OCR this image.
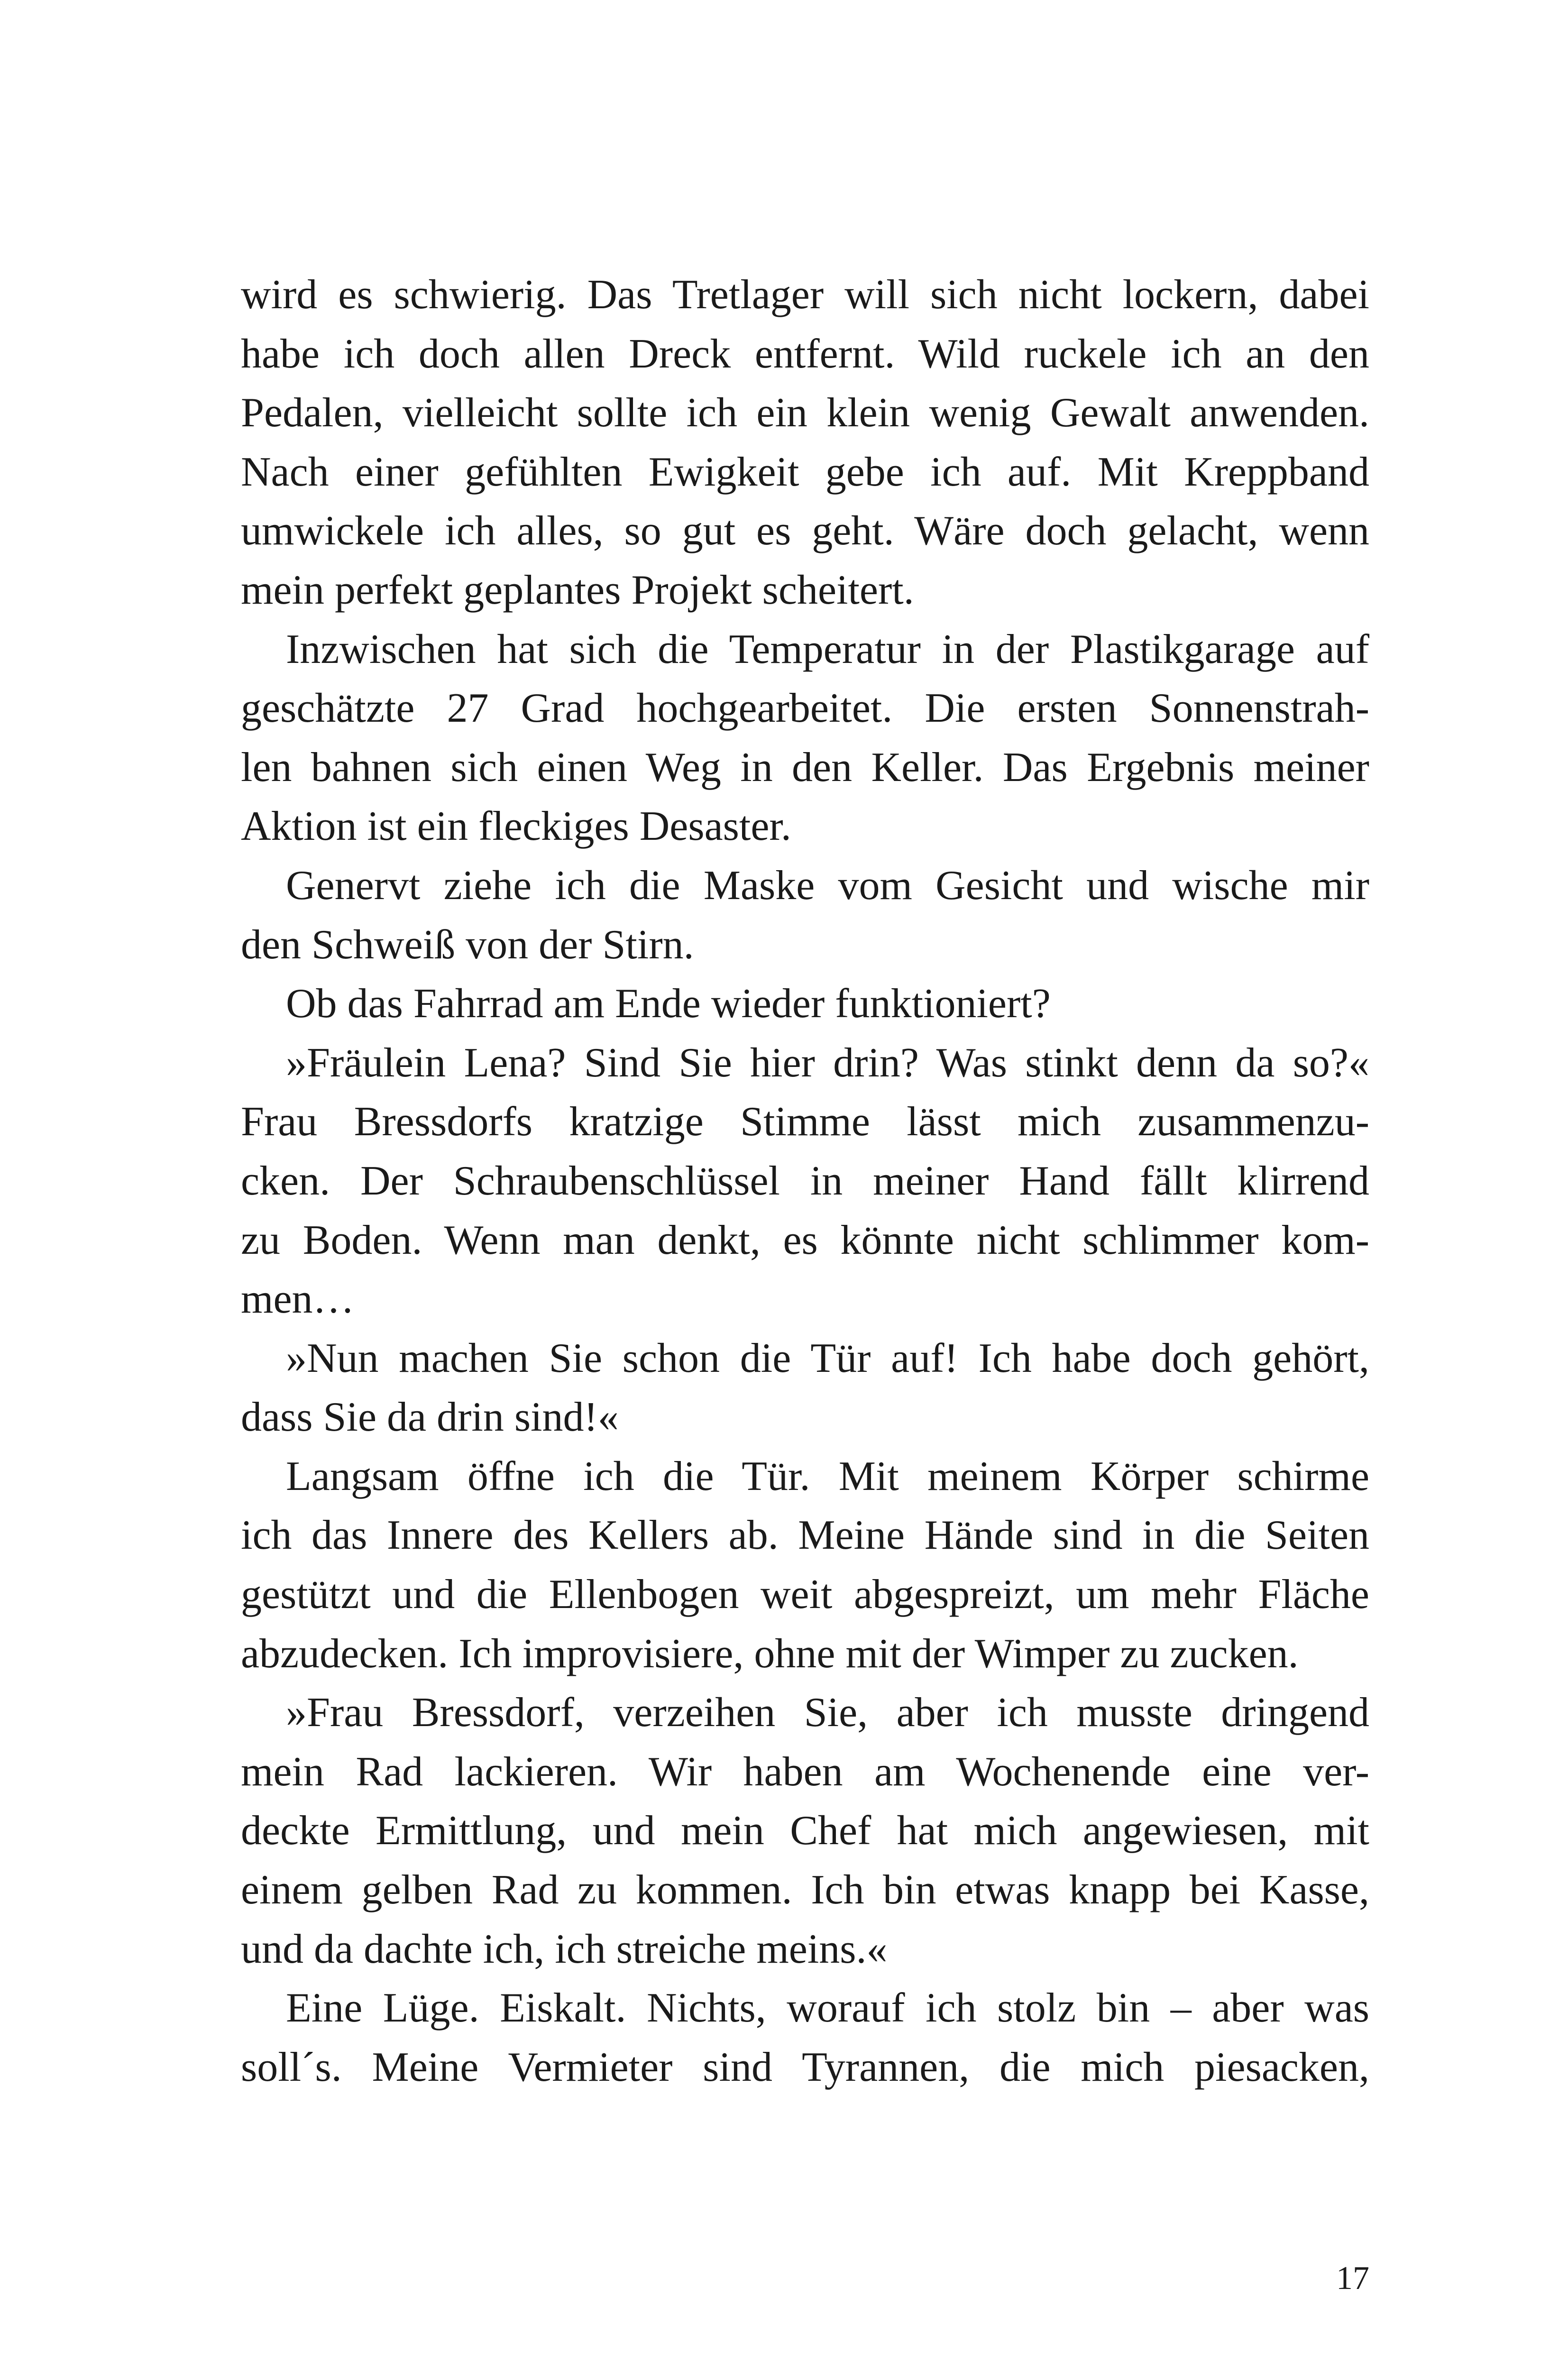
wird es schwierig. Das Tretlager will sich nicht lockern, dabei
habe ich doch allen Dreck entfernt. Wild ruckele ich an den
Pedalen, vielleicht sollte ich ein klein wenig Gewalt anwenden.
Nach einer gefühlten Ewigkeit gebe ich auf. Mit Kreppband
umwickele ich alles, so gut es geht. Wäre doch gelacht, wenn
mein perfekt geplantes Projekt scheitert.
Inzwischen hat sich die Temperatur in der Plastikgarage auf
geschätzte 27 Grad hochgearbeitet. Die ersten Sonnenstrah-
len bahnen sich einen Weg in den Keller. Das Ergebnis meiner
Aktion ist ein fleckiges Desaster.
Genervt ziehe ich die Maske vom Gesicht und wische mir
den Schweiß von der Stirn.
Ob das Fahrrad am Ende wieder funktioniert?
»Fräulein Lena? Sind Sie hier drin? Was stinkt denn da so?«
Frau Bressdorfs kratzige Stimme lässt mich zusammenzu-
cken. Der Schraubenschlüssel in meiner Hand fällt klirrend
zu Boden. Wenn man denkt, es könnte nicht schlimmer kom-
men…
»Nun machen Sie schon die Tür auf! Ich habe doch gehört,
dass Sie da drin sind!«
Langsam öffne ich die Tür. Mit meinem Körper schirme
ich das Innere des Kellers ab. Meine Hände sind in die Seiten
gestützt und die Ellenbogen weit abgespreizt, um mehr Fläche
abzudecken. Ich improvisiere, ohne mit der Wimper zu zucken.
»Frau Bressdorf, verzeihen Sie, aber ich musste dringend
mein Rad lackieren. Wir haben am Wochenende eine ver-
deckte Ermittlung, und mein Chef hat mich angewiesen, mit
einem gelben Rad zu kommen. Ich bin etwas knapp bei Kasse,
und da dachte ich, ich streiche meins.«
Eine Lüge. Eiskalt. Nichts, worauf ich stolz bin – aber was
soll´s. Meine Vermieter sind Tyrannen, die mich piesacken,
17
